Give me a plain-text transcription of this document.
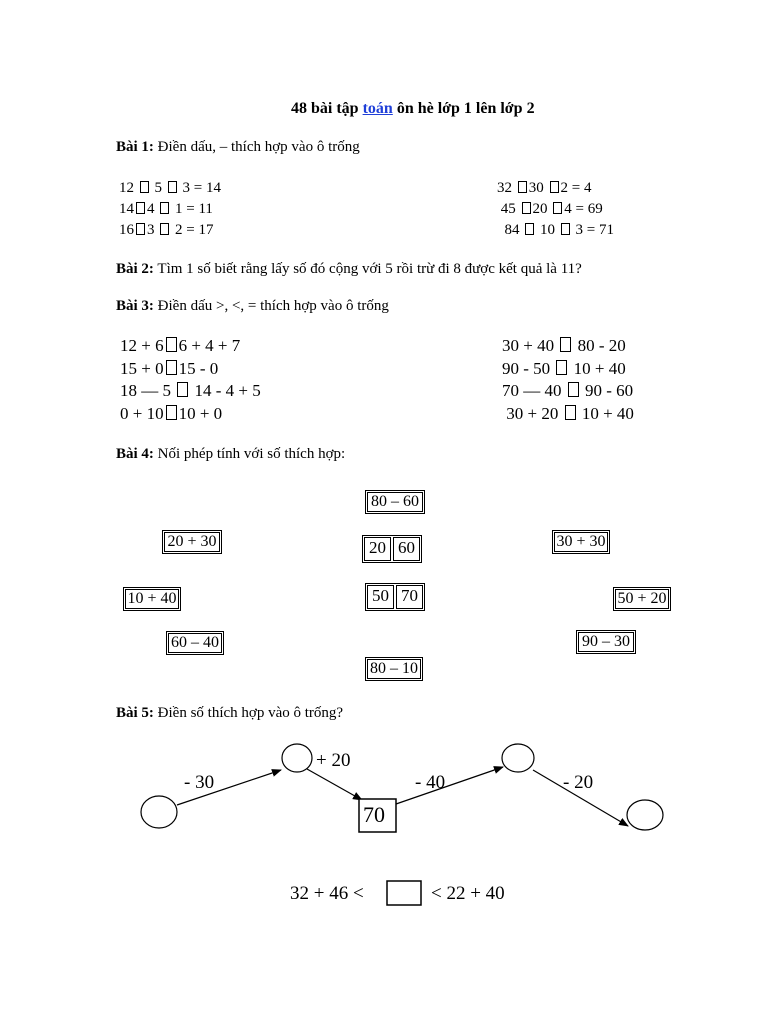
48 bài tập toán ôn hè lớp 1 lên lớp 2
Bài 1: Điền dấu, – thích hợp vào ô trống
12 5 3 = 14
14 4 1 = 11
16 3 2 = 17
32 30 2 = 4
45 20 4 = 69
84 10 3 = 71
Bài 2: Tìm 1 số biết rằng lấy số đó cộng với 5 rồi trừ đi 8 được kết quả là 11?
Bài 3: Điền dấu >, <, = thích hợp vào ô trống
12 + 6 6 + 4 + 7
15 + 0 15 - 0
18 — 5 14 - 4 + 5
0 + 10 10 + 0
30 + 40 80 - 20
90 - 50 10 + 40
70 — 40 90 - 60
30 + 20 10 + 40
Bài 4: Nối phép tính với số thích hợp:
80 – 60
20 + 30	30 + 30
20 60
10 + 40	50 70	50 + 20
60 – 40	90 – 30
80 – 10
Bài 5: Điền số thích hợp vào ô trống?
- 30
+ 20
70
- 40	- 20
32 + 46 <	< 22 + 40
